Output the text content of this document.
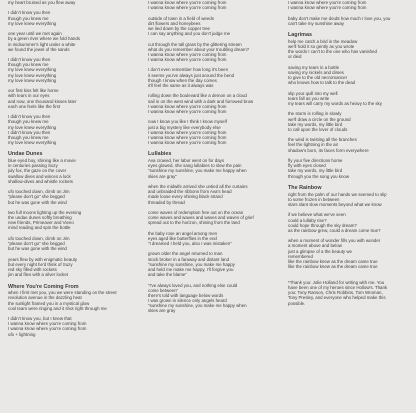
my heart bruised as you flew away
I didn't know you then
though you knew me
my love knew everything
one year until we met again
by a green river where we fold hands
in midsummer's light under a white
we found the jewel of the sands
I didn't know you then
though you knew me
my love knew everything
my love knew everything
my love knew everything
our first kiss felt like home
with tears in our eyes
and now, one thousand kisses later
each one feels like the first
I didn't know you then
though you knew me
my love knew everything
I didn't know you then
though you knew me
my love knew everything
Undae Dunes
blue eyed boy, shining like a movie
in centuries passing Suzy
july fox, the gaze on the cover
swallow dives and winces a lock
shallow-dives and whistle rockets
ufo touched down, climb on Jim
“please don't go” she begged
but he was gone with the wind
two full moons lighting up the evening
the undae dunes softly breathing
new friends, Primeaver and Vieno
mind reading and spin the bottle
ufo touched down, climb on Jim
“please don't go” she begged
but he was gone with the wind
years flew by with enigmatic beauty
but every night he'd think of Suzy
red sky filled with rockets
jim and flies with a silver locket
Where You're Coming From
when I first met you, you we were standing on the street
revolution avenue in the dazzling heat
the sunlight framed you in a mystical glow
cool tears were ringing and it shot right through me
I didn't know you, but I knew that
I wanna know where you're coming from
I wanna know where you're coming from
ufo + lightning
I wanna know where you're coming from
I wanna know where you're coming from
outside of town in a field of weeds
dirt flowers and honeybees
we lied down by the copper tree
I can say anything and you don't judge me
cut through the tall grass by the glittering stream
what do you remember about your troubling dream?
I wanna know where you're coming from
I wanna know where you're coming from
I don't even remember how long it's been
it seems you've always just around the bend
though I know when the day comes
it'll feel the same as it always was
rolling down the boulevard like a demon on a cloud
sail in on the west wind with a dark and furrowed brow
I wanna know where you're coming from
I wanna know where you're coming from
now I know you like I think I know myself
just a big mystery like everybody else
I wanna know where you're coming from
I wanna know where you're coming from
I wanna know where you're coming from
Lullabies
Ava crowed, her labor went on for days
eyes glowed, she sang lullabies to slow the pain
“sunshine my sunshine, you make me happy when
skies are gray”
when the midwife arrived she untied all the curtains
and unbraided the ribbons from Ava's head
made loose every shining black strand
threaded by thread
come waves of redemption free out on the ocean
come waves and waves and waves and waves of grief
spread out to the horizon, shining from the land
the baby rose an angel among men
eyes aged like butterflies in the end
“I dreamed I held you, also I was mistaken”
grown older the angel returned to man
stock broker in a faraway and distant land
“sunshine my sunshine, you make me happy
and held me make me happy, I'll forgive you
and take the blame”
“I've always loved you, and nothing else could
come between”
there's told with language below words
I was grown in silence only angels heard
“sunshine my sunshine, you make me happy when
skies are gray
I wanna know where you're coming from
I wanna know where you're coming from
baby don't make me doubt how much I love you, you
can't take my sunshine away
Lagrimas
help me catch a bird in the meadow
we'll hold it so gently as you wrote
the words I can't to the one who has vanished
or died
saving my tears in a bottle
saving my nickels and dimes
to give to the old necromancer
who knows how to talk to the dead
slip your quill into my well
tears fall as you write
my tears will carry my words as heavy to the sky
the storm is rolling in slowly
we'll draw a circle on the ground
take my words, my little bird
to call upon the lover of clouds
the wind is twisting all the branches
feel the lightning in the air
shadow's born, its faces form everywhere
fly your five directions home
fly with eyes closed
take my words, my little bird
through you the song you know
The Rainbow
right from the palm of our hands we seemed to slip
to some frozen in between
stars slant slow moments beyond what we know
if we believe what we've seen
could a lullaby rise?
could hope through the sky dream?
as the rainbow grew, could a dream come true?
when a moment of wonder fills you with wonder
a moment above and below
just a glimpse of a the beauty we
remembered
like the rainbow knew as the dream came true
like the rainbow knew as the dream came true
*Thank you: Jolie Holland for writing with me. You
have been one of my heroes since Hollow's. Thank
you: Tony Ranson, Chris Robbins, Tom Wroman,
Tony Presley, and everyone who helped make this
possible.
